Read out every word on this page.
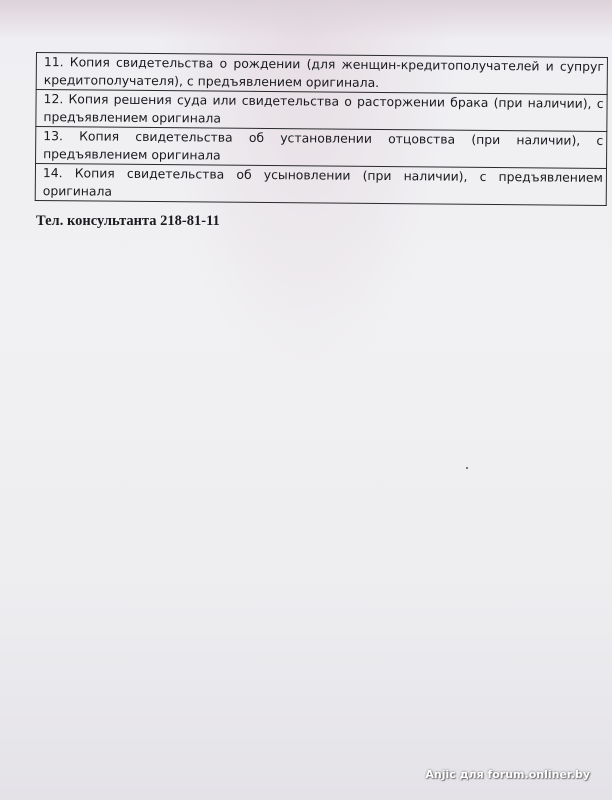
11. Копия свидетельства о рождении (для женщин-кредитополучателей и супруг кредитополучателя), с предъявлением оригинала.
12. Копия решения суда или свидетельства о расторжении брака (при наличии), с предъявлением оригинала
13. Копия свидетельства об установлении отцовства (при наличии), с предъявлением оригинала
14. Копия свидетельства об усыновлении (при наличии), с предъявлением оригинала
Тел. консультанта 218-81-11
Anjic для forum.onliner.by
